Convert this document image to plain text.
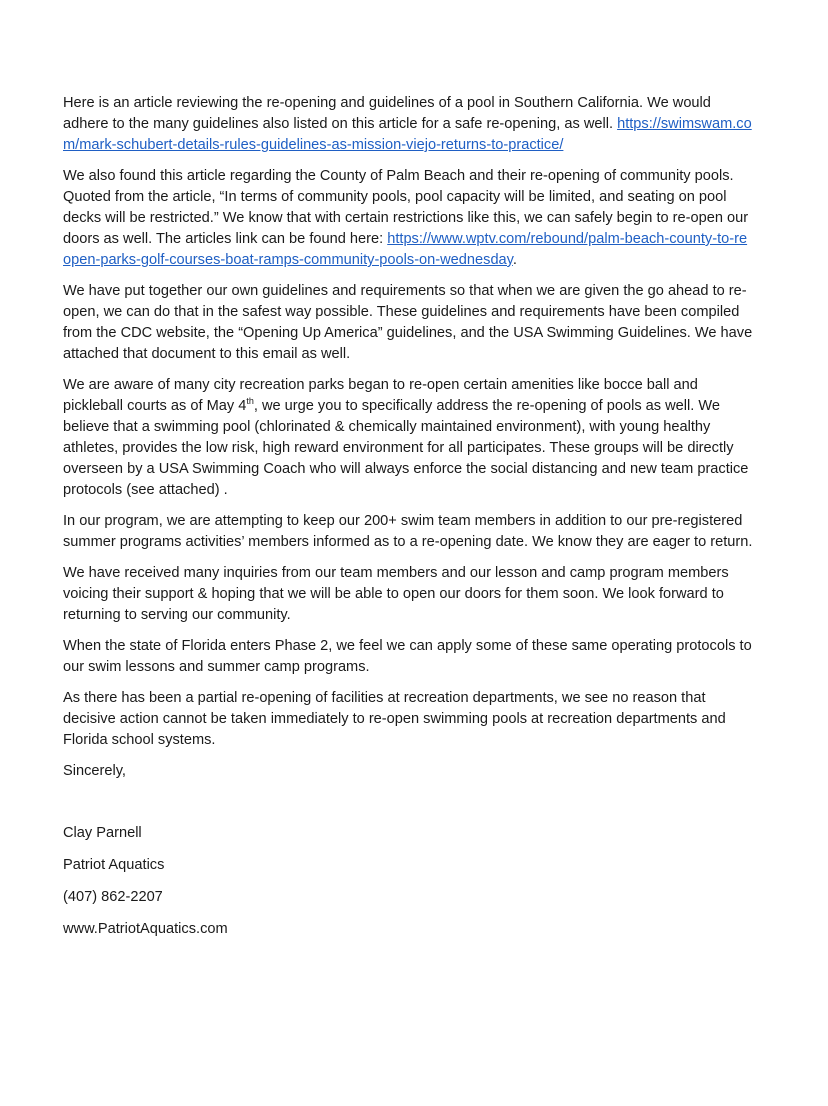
Here is an article reviewing the re-opening and guidelines of a pool in Southern California. We would adhere to the many guidelines also listed on this article for a safe re-opening, as well. https://swimswam.com/mark-schubert-details-rules-guidelines-as-mission-viejo-returns-to-practice/

We also found this article regarding the County of Palm Beach and their re-opening of community pools. Quoted from the article, “In terms of community pools, pool capacity will be limited, and seating on pool decks will be restricted.” We know that with certain restrictions like this, we can safely begin to re-open our doors as well. The articles link can be found here: https://www.wptv.com/rebound/palm-beach-county-to-reopen-parks-golf-courses-boat-ramps-community-pools-on-wednesday.

We have put together our own guidelines and requirements so that when we are given the go ahead to re-open, we can do that in the safest way possible. These guidelines and requirements have been compiled from the CDC website, the “Opening Up America” guidelines, and the USA Swimming Guidelines. We have attached that document to this email as well.

We are aware of many city recreation parks began to re-open certain amenities like bocce ball and pickleball courts as of May 4th, we urge you to specifically address the re-opening of pools as well. We believe that a swimming pool (chlorinated & chemically maintained environment), with young healthy athletes, provides the low risk, high reward environment for all participates. These groups will be directly overseen by a USA Swimming Coach who will always enforce the social distancing and new team practice protocols (see attached) .

In our program, we are attempting to keep our 200+ swim team members in addition to our pre-registered summer programs activities’ members informed as to a re-opening date. We know they are eager to return.

We have received many inquiries from our team members and our lesson and camp program members voicing their support & hoping that we will be able to open our doors for them soon. We look forward to returning to serving our community.

When the state of Florida enters Phase 2, we feel we can apply some of these same operating protocols to our swim lessons and summer camp programs.

As there has been a partial re-opening of facilities at recreation departments, we see no reason that decisive action cannot be taken immediately to re-open swimming pools at recreation departments and Florida school systems.

Sincerely,

Clay Parnell

Patriot Aquatics

(407) 862-2207

www.PatriotAquatics.com
